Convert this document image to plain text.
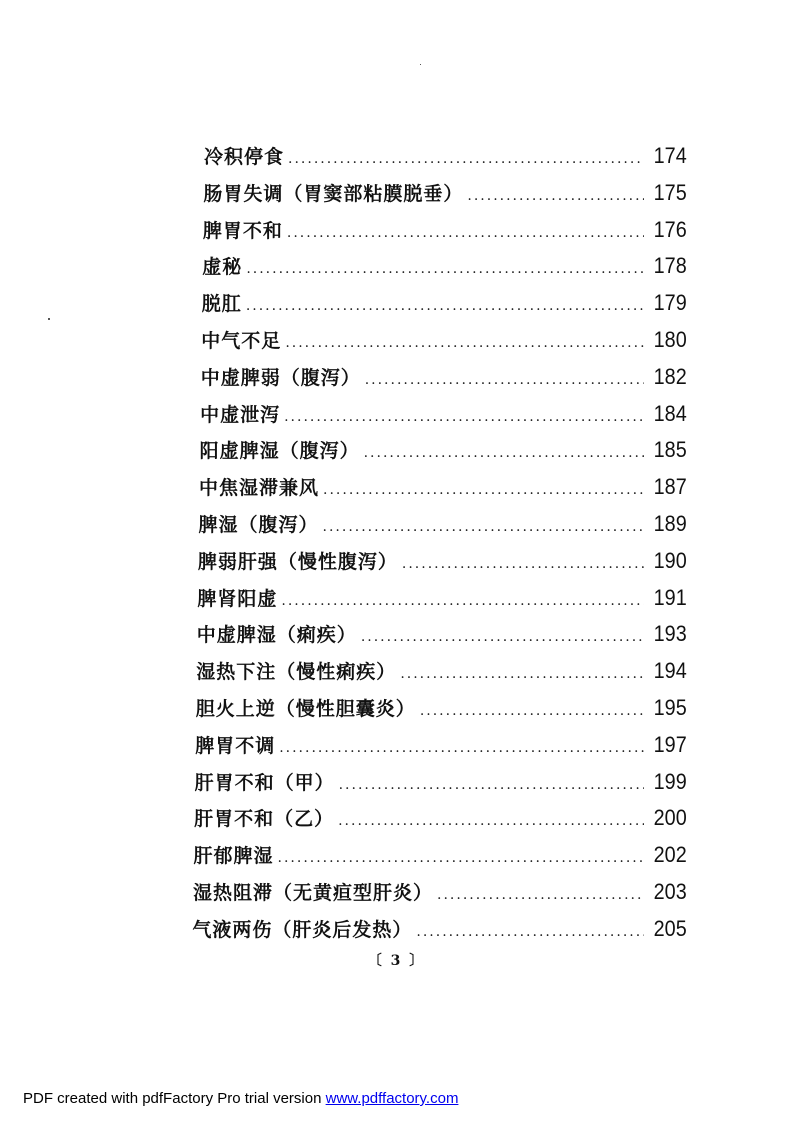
冷积停食 .....	174
肠胃失调（胃窦部粘膜脱垂） .....	175
脾胃不和 .....	176
虚秘 .....	178
脱肛 .....	179
中气不足 .....	180
中虚脾弱（腹泻） .....	182
中虚泄泻 .....	184
阳虚脾湿（腹泻） .....	185
中焦湿滞兼风 .....	187
脾湿（腹泻） .....	189
脾弱肝强（慢性腹泻） .....	190
脾肾阳虚 .....	191
中虚脾湿（痢疾） .....	193
湿热下注（慢性痢疾） .....	194
胆火上逆（慢性胆囊炎） .....	195
脾胃不调 .....	197
肝胃不和（甲） .....	199
肝胃不和（乙） .....	200
肝郁脾湿 .....	202
湿热阻滞（无黄疸型肝炎） .....	203
气液两伤（肝炎后发热） .....	205
〔 3 〕
PDF created with pdfFactory Pro trial version www.pdffactory.com
